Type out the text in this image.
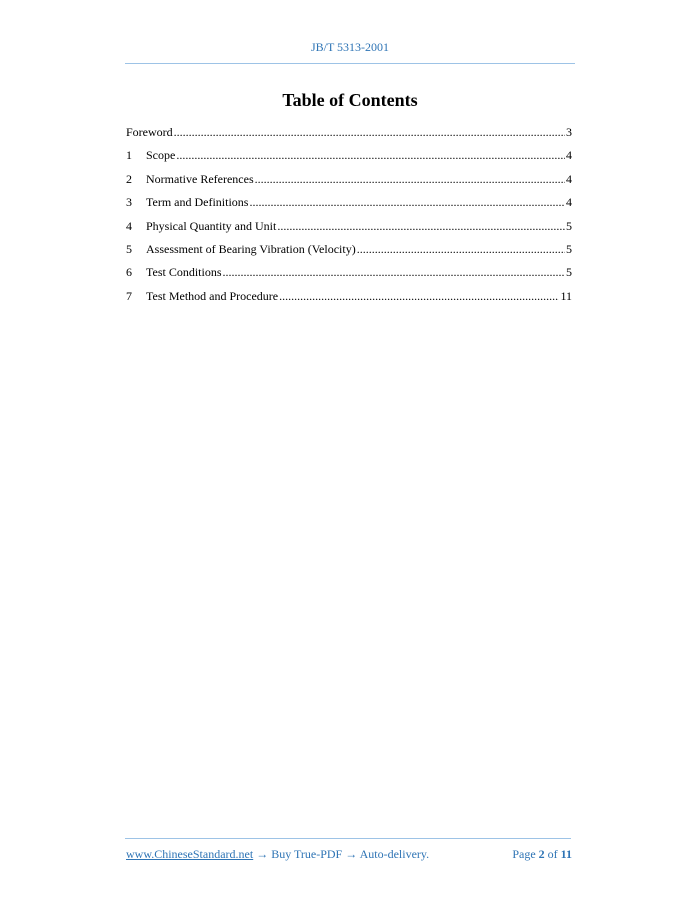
JB/T 5313-2001
Table of Contents
Foreword .....	3
1	Scope .....	4
2	Normative References .....	4
3	Term and Definitions .....	4
4	Physical Quantity and Unit .....	5
5	Assessment of Bearing Vibration (Velocity) .....	5
6	Test Conditions .....	5
7	Test Method and Procedure .....	11
www.ChineseStandard.net → Buy True-PDF → Auto-delivery.	Page 2 of 11
